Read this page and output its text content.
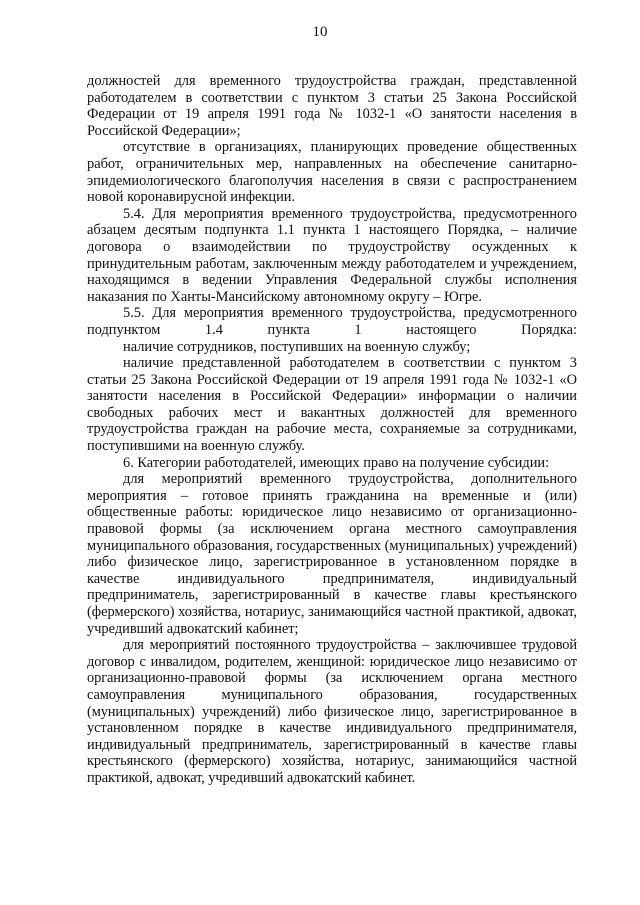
10

должностей для временного трудоустройства граждан, представленной работодателем в соответствии с пунктом 3 статьи 25 Закона Российской Федерации от 19 апреля 1991 года № 1032-1 «О занятости населения в Российской Федерации»;

отсутствие в организациях, планирующих проведение общественных работ, ограничительных мер, направленных на обеспечение санитарно-эпидемиологического благополучия населения в связи с распространением новой коронавирусной инфекции.

5.4. Для мероприятия временного трудоустройства, предусмотренного абзацем десятым подпункта 1.1 пункта 1 настоящего Порядка, – наличие договора о взаимодействии по трудоустройству осужденных к принудительным работам, заключенным между работодателем и учреждением, находящимся в ведении Управления Федеральной службы исполнения наказания по Ханты-Мансийскому автономному округу – Югре.

5.5. Для мероприятия временного трудоустройства, предусмотренного подпунктом 1.4 пункта 1 настоящего Порядка:

наличие сотрудников, поступивших на военную службу;

наличие представленной работодателем в соответствии с пунктом 3 статьи 25 Закона Российской Федерации от 19 апреля 1991 года № 1032-1 «О занятости населения в Российской Федерации» информации о наличии свободных рабочих мест и вакантных должностей для временного трудоустройства граждан на рабочие места, сохраняемые за сотрудниками, поступившими на военную службу.

6. Категории работодателей, имеющих право на получение субсидии:

для мероприятий временного трудоустройства, дополнительного мероприятия – готовое принять гражданина на временные и (или) общественные работы: юридическое лицо независимо от организационно-правовой формы (за исключением органа местного самоуправления муниципального образования, государственных (муниципальных) учреждений) либо физическое лицо, зарегистрированное в установленном порядке в качестве индивидуального предпринимателя, индивидуальный предприниматель, зарегистрированный в качестве главы крестьянского (фермерского) хозяйства, нотариус, занимающийся частной практикой, адвокат, учредивший адвокатский кабинет;

для мероприятий постоянного трудоустройства – заключившее трудовой договор с инвалидом, родителем, женщиной: юридическое лицо независимо от организационно-правовой формы (за исключением органа местного самоуправления муниципального образования, государственных (муниципальных) учреждений) либо физическое лицо, зарегистрированное в установленном порядке в качестве индивидуального предпринимателя, индивидуальный предприниматель, зарегистрированный в качестве главы крестьянского (фермерского) хозяйства, нотариус, занимающийся частной практикой, адвокат, учредивший адвокатский кабинет.
